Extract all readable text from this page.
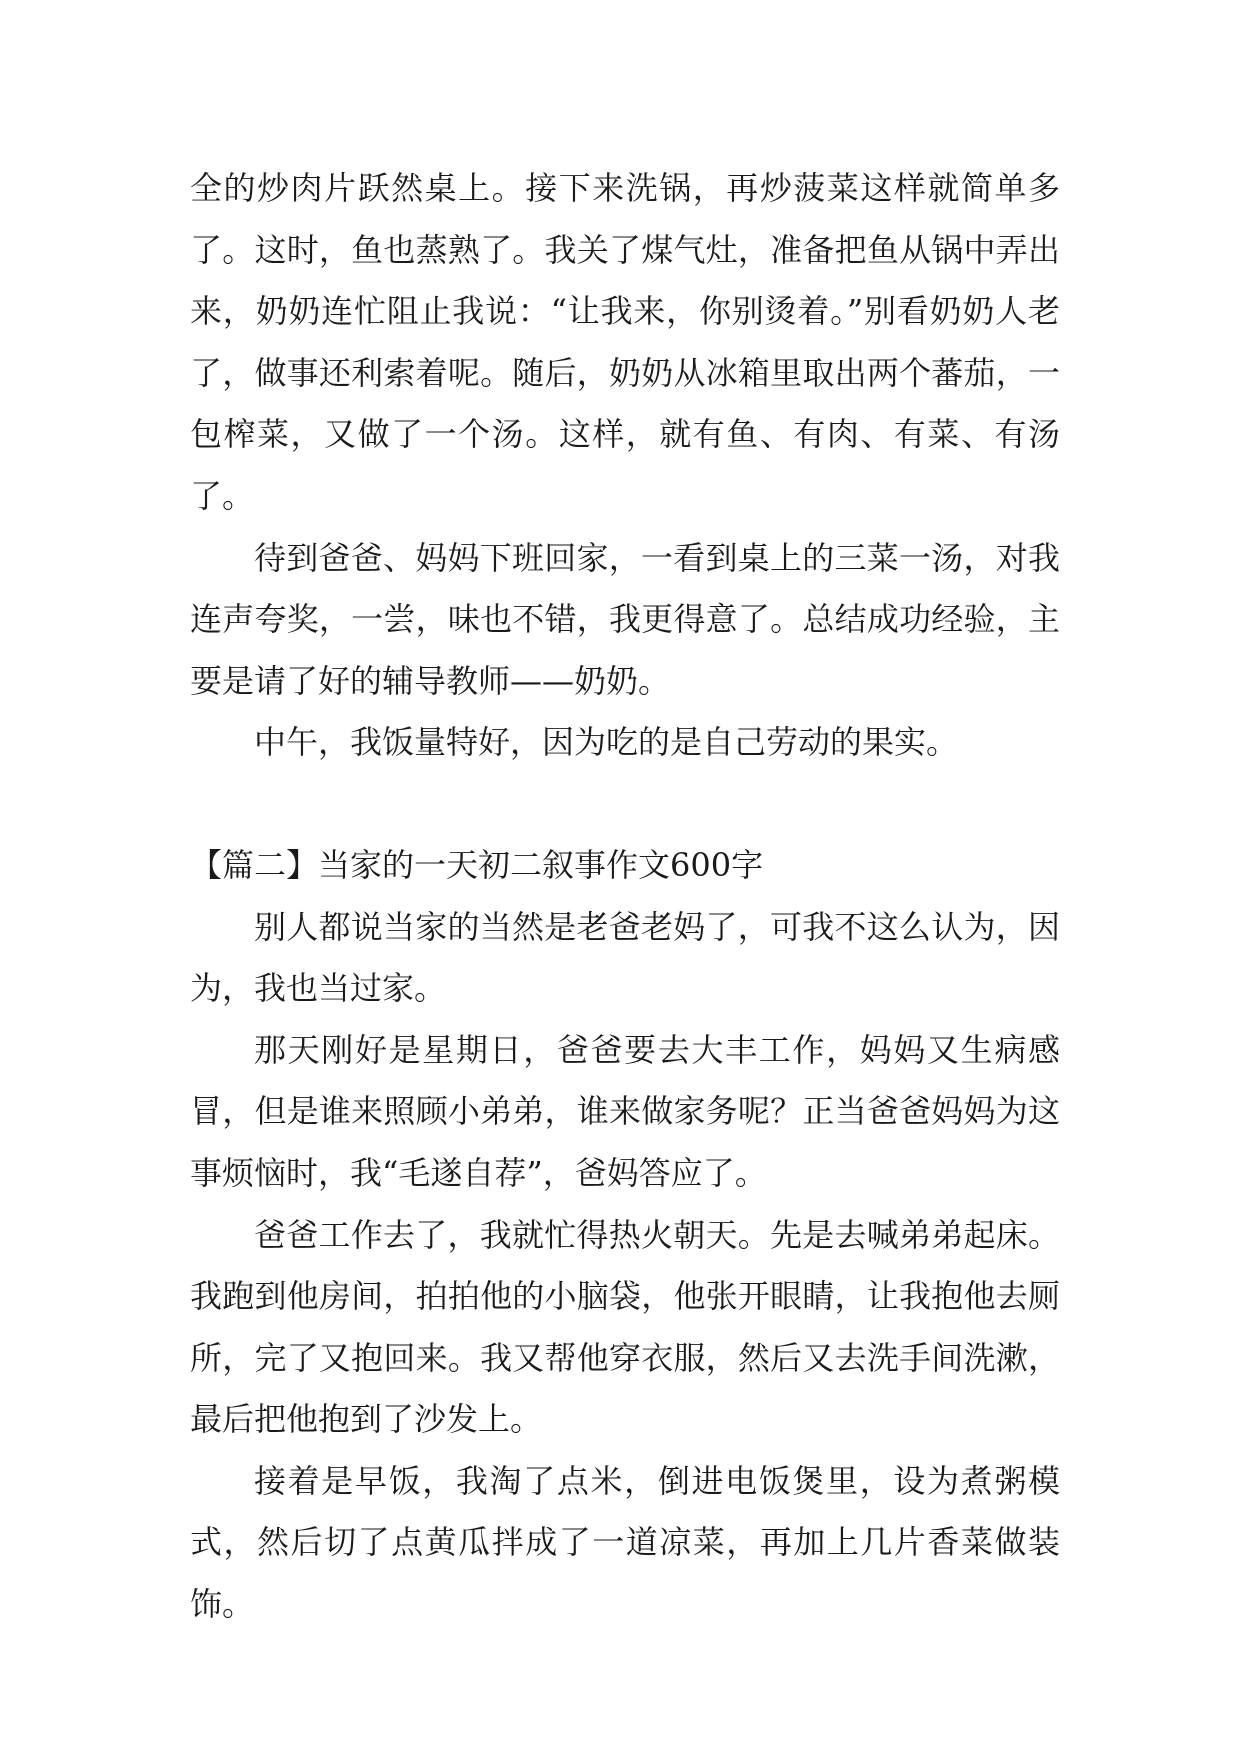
全的炒肉片跃然桌上。接下来洗锅，再炒菠菜这样就简单多了。这时，鱼也蒸熟了。我关了煤气灶，准备把鱼从锅中弄出来，奶奶连忙阻止我说：“让我来，你别烫着。”别看奶奶人老了，做事还利索着呢。随后，奶奶从冰箱里取出两个蕃茄，一包榨菜，又做了一个汤。这样，就有鱼、有肉、有菜、有汤了。

待到爸爸、妈妈下班回家，一看到桌上的三菜一汤，对我连声夸奖，一尝，味也不错，我更得意了。总结成功经验，主要是请了好的辅导教师——奶奶。

中午，我饭量特好，因为吃的是自己劳动的果实。

【篇二】当家的一天初二叙事作文600字

别人都说当家的当然是老爸老妈了，可我不这么认为，因为，我也当过家。

那天刚好是星期日，爸爸要去大丰工作，妈妈又生病感冒，但是谁来照顾小弟弟，谁来做家务呢？正当爸爸妈妈为这事烦恼时，我“毛遂自荐”，爸妈答应了。

爸爸工作去了，我就忙得热火朝天。先是去喊弟弟起床。我跑到他房间，拍拍他的小脑袋，他张开眼睛，让我抱他去厕所，完了又抱回来。我又帮他穿衣服，然后又去洗手间洗漱，最后把他抱到了沙发上。

接着是早饭，我淘了点米，倒进电饭煲里，设为煮粥模式，然后切了点黄瓜拌成了一道凉菜，再加上几片香菜做装饰。
